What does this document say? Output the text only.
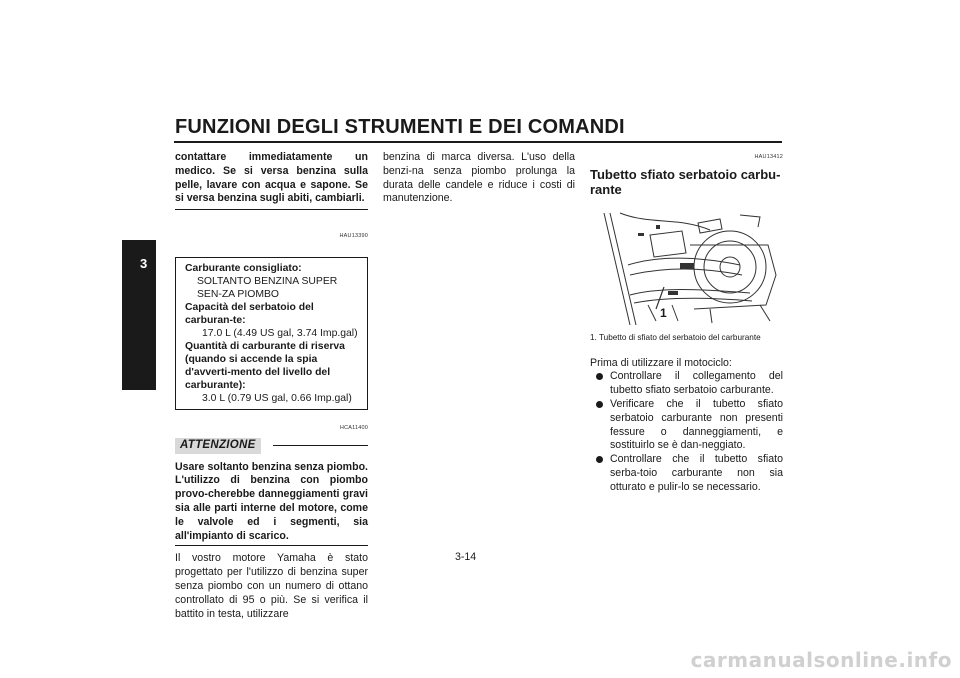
FUNZIONI DEGLI STRUMENTI E DEI COMANDI
3
contattare immediatamente un medico. Se si versa benzina sulla pelle, lavare con acqua e sapone. Se si versa benzina sugli abiti, cambiarli.
HAU13390
Carburante consigliato:
SOLTANTO BENZINA SUPER SEN-ZA PIOMBO
Capacità del serbatoio del carburan-te:
17.0 L (4.49 US gal, 3.74 Imp.gal)
Quantità di carburante di riserva (quando si accende la spia d'avverti-mento del livello del carburante):
3.0 L (0.79 US gal, 0.66 Imp.gal)
HCA11400
ATTENZIONE
Usare soltanto benzina senza piombo. L'utilizzo di benzina con piombo provo-cherebbe danneggiamenti gravi sia alle parti interne del motore, come le valvole ed i segmenti, sia all'impianto di scarico.
Il vostro motore Yamaha è stato progettato per l'utilizzo di benzina super senza piombo con un numero di ottano controllato di 95 o più. Se si verifica il battito in testa, utilizzare
benzina di marca diversa. L'uso della benzi-na senza piombo prolunga la durata delle candele e riduce i costi di manutenzione.
HAU13412
Tubetto sfiato serbatoio carbu-rante
1
1. Tubetto di sfiato del serbatoio del carburante
Prima di utilizzare il motociclo:
Controllare il collegamento del tubetto sfiato serbatoio carburante.
Verificare che il tubetto sfiato serbatoio carburante non presenti fessure o danneggiamenti, e sostituirlo se è dan-neggiato.
Controllare che il tubetto sfiato serba-toio carburante non sia otturato e pulir-lo se necessario.
3-14
carmanualsonline.info
